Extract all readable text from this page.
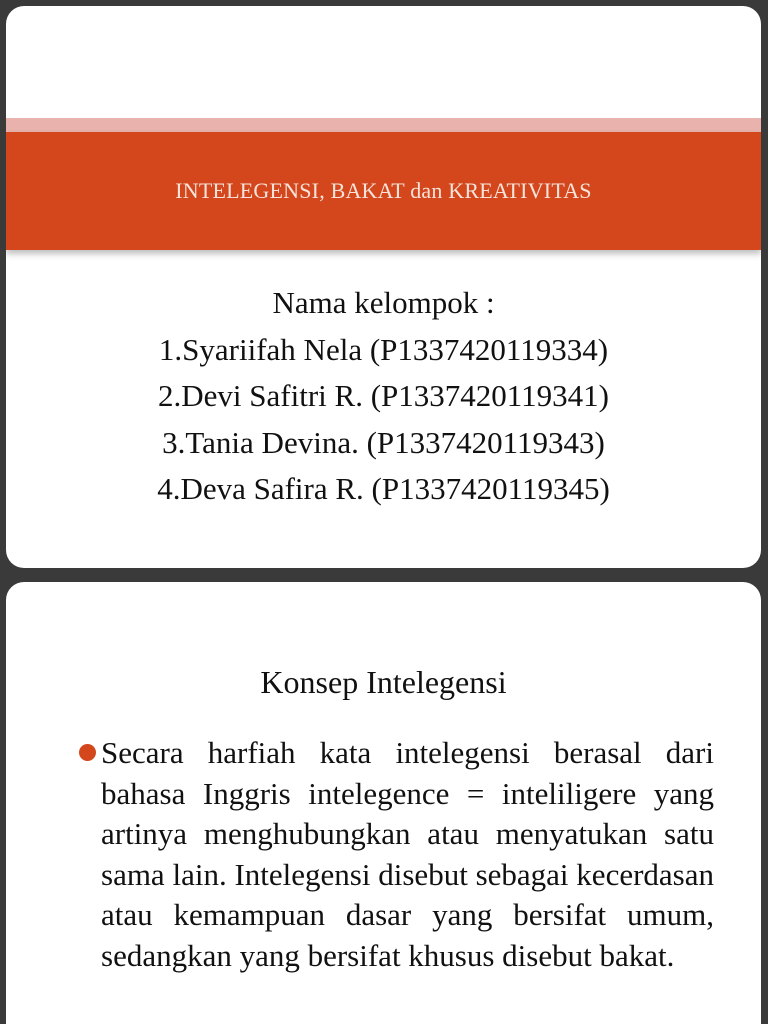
INTELEGENSI, BAKAT dan KREATIVITAS
Nama kelompok :
1.Syariifah Nela (P1337420119334)
2.Devi Safitri R. (P1337420119341)
3.Tania Devina. (P1337420119343)
4.Deva Safira R. (P1337420119345)
Konsep Intelegensi
Secara harfiah kata intelegensi berasal dari bahasa Inggris intelegence = inteliligere yang artinya menghubungkan atau menyatukan satu sama lain. Intelegensi disebut sebagai kecerdasan atau kemampuan dasar yang bersifat umum, sedangkan yang bersifat khusus disebut bakat.
